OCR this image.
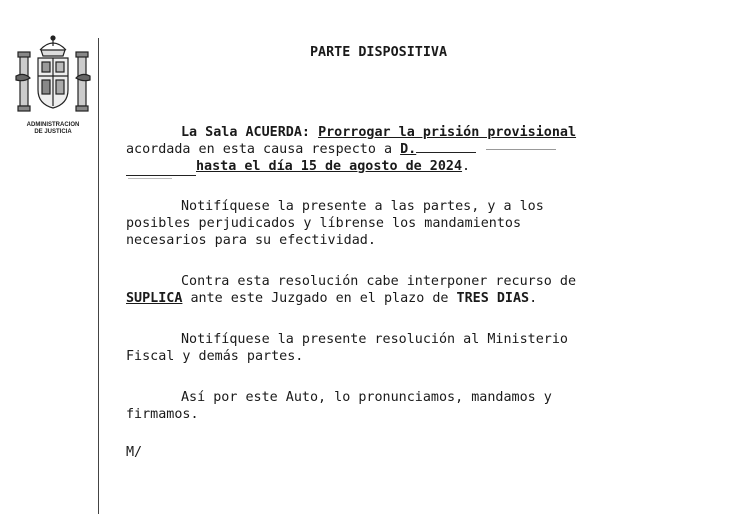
ADMINISTRACION
DE JUSTICIA
PARTE DISPOSITIVA
La Sala ACUERDA: Prorrogar la prisión provisional
acordada en esta causa respecto a D.
hasta el día 15 de agosto de 2024.
Notifíquese la presente a las partes, y a los
posibles perjudicados y líbrense los mandamientos
necesarios para su efectividad.
Contra esta resolución cabe interponer recurso de
SUPLICA ante este Juzgado en el plazo de TRES DIAS.
Notifíquese la presente resolución al Ministerio
Fiscal y demás partes.
Así por este Auto, lo pronunciamos, mandamos y
firmamos.
M/
